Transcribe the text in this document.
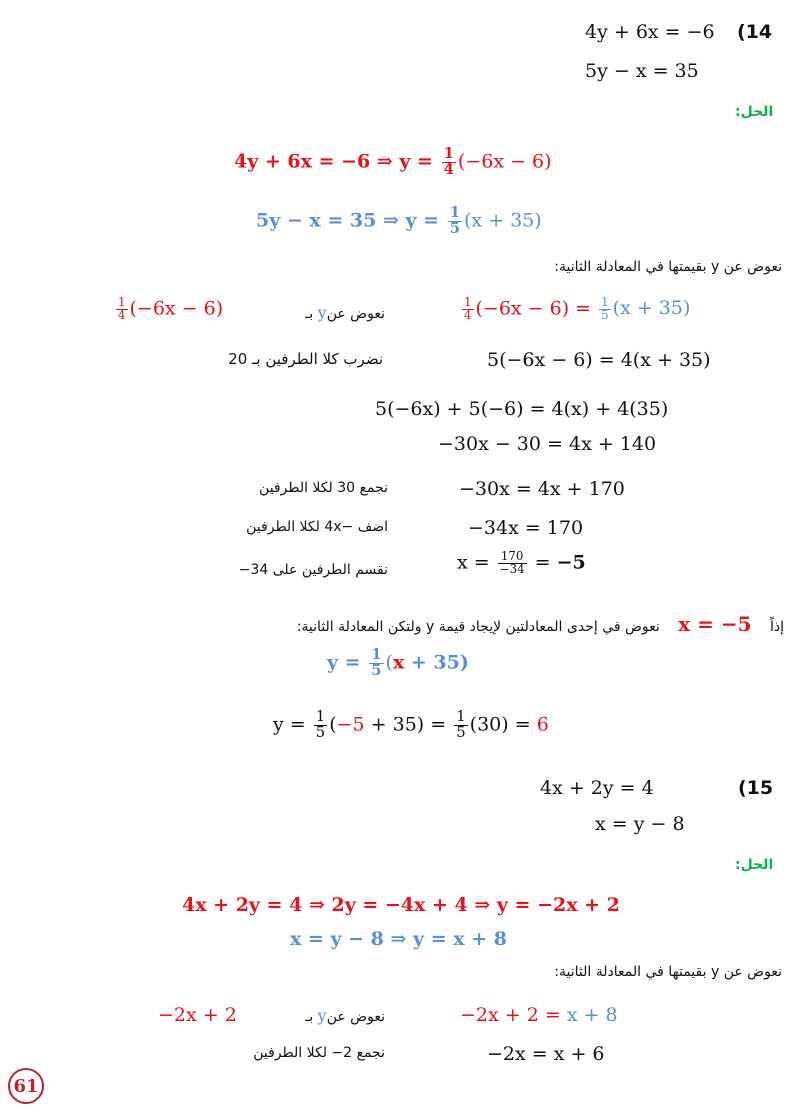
(14
4y + 6x = −6
5y − x = 35
الحل:
4y + 6x = −6 ⇒ $y = \frac{1}{4} (-6x - 6)$
5y − x = 35 ⇒ $y = \frac{1}{5} (x + 35)$
نعوض عن y بقيمتها في المعادلة الثانية:
$\frac{1}{4} (-6x - 6) = \frac{1}{5} (x + 35)$
نعوض عنy بـ
$\frac{1}{4} (-6x - 6)$
5(−6x − 6) = 4(x + 35)
نضرب كلا الطرفين بـ 20
5(−6x) + 5(−6) = 4(x) + 4(35)
−30x − 30 = 4x + 140
−30x = 4x + 170
نجمع 30 لكلا الطرفين
−34x = 170
اضف −4x لكلا الطرفين
$x = \frac{170}{-34} = -5$
نقسم الطرفين على 34−
إذاً x = −5 نعوض في إحدى المعادلتين لإيجاد قيمة y ولتكن المعادلة الثانية:
$y = \frac{1}{5} (x + 35)$
$y = \frac{1}{5} (-5 + 35) = \frac{1}{5} (30) = 6$
(15
4x + 2y = 4
x = y − 8
الحل:
4x + 2y = 4 ⇒ 2y = −4x + 4 ⇒ y = −2x + 2
x = y − 8 ⇒ y = x + 8
نعوض عن y بقيمتها في المعادلة الثانية:
−2x + 2 = x + 8
نعوض عنy بـ
−2x + 2
−2x = x + 6
نجمع 2− لكلا الطرفين
61
